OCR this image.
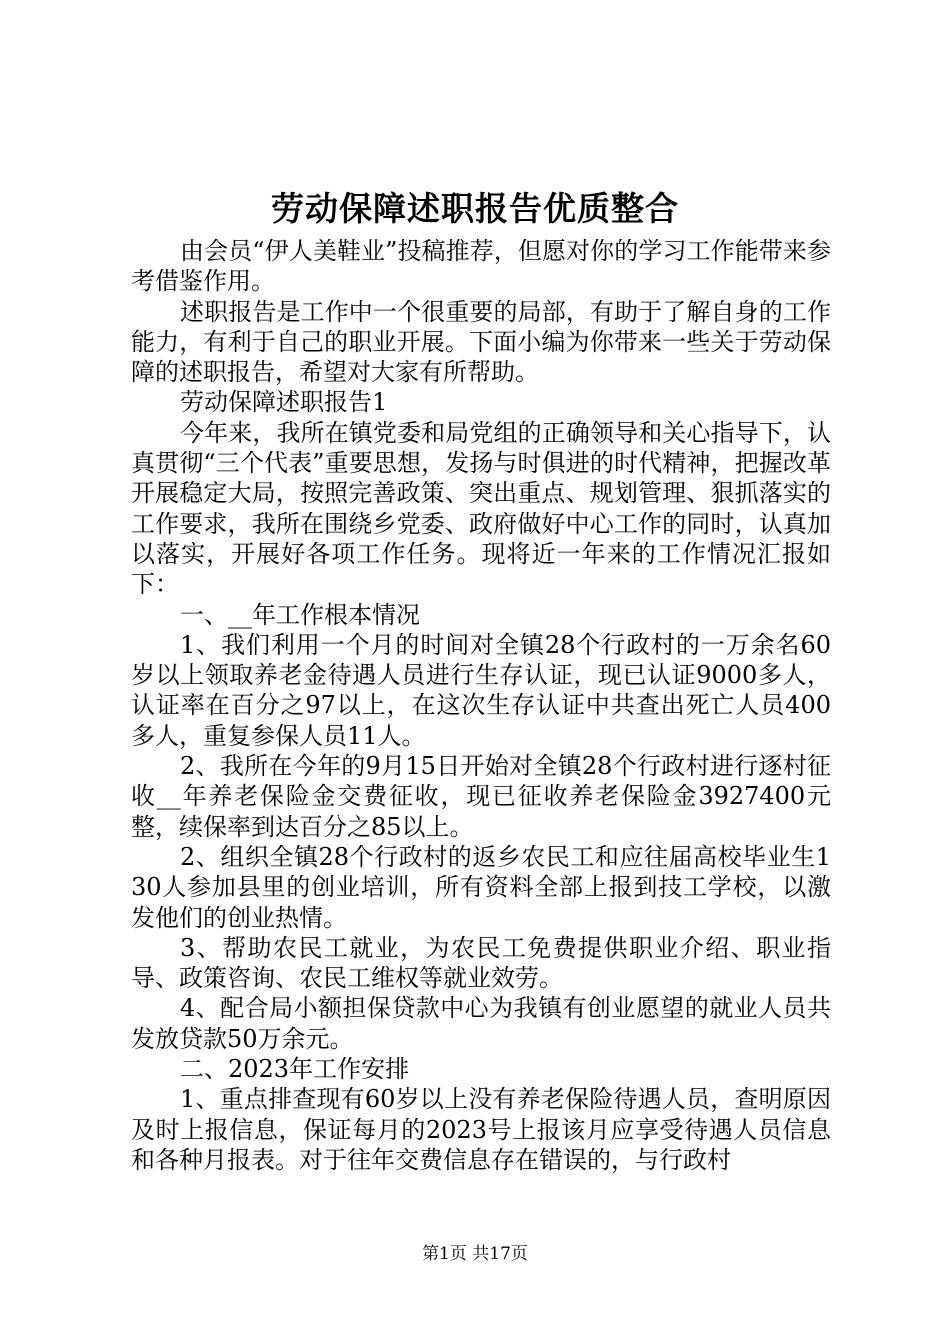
劳动保障述职报告优质整合

由会员“伊人美鞋业”投稿推荐，但愿对你的学习工作能带来参考借鉴作用。

述职报告是工作中一个很重要的局部，有助于了解自身的工作能力，有利于自己的职业开展。下面小编为你带来一些关于劳动保障的述职报告，希望对大家有所帮助。

劳动保障述职报告1

今年来，我所在镇党委和局党组的正确领导和关心指导下，认真贯彻“三个代表”重要思想，发扬与时俱进的时代精神，把握改革开展稳定大局，按照完善政策、突出重点、规划管理、狠抓落实的工作要求，我所在围绕乡党委、政府做好中心工作的同时，认真加以落实，开展好各项工作任务。现将近一年来的工作情况汇报如下：

一、__年工作根本情况

1、我们利用一个月的时间对全镇28个行政村的一万余名60岁以上领取养老金待遇人员进行生存认证，现已认证9000多人，认证率在百分之97以上，在这次生存认证中共查出死亡人员400多人，重复参保人员11人。

2、我所在今年的9月15日开始对全镇28个行政村进行逐村征收__年养老保险金交费征收，现已征收养老保险金3927400元整，续保率到达百分之85以上。

2、组织全镇28个行政村的返乡农民工和应往届高校毕业生130人参加县里的创业培训，所有资料全部上报到技工学校，以激发他们的创业热情。

3、帮助农民工就业，为农民工免费提供职业介绍、职业指导、政策咨询、农民工维权等就业效劳。

4、配合局小额担保贷款中心为我镇有创业愿望的就业人员共发放贷款50万余元。

二、2023年工作安排

1、重点排查现有60岁以上没有养老保险待遇人员，查明原因及时上报信息，保证每月的2023号上报该月应享受待遇人员信息和各种月报表。对于往年交费信息存在错误的，与行政村

第1页 共17页
